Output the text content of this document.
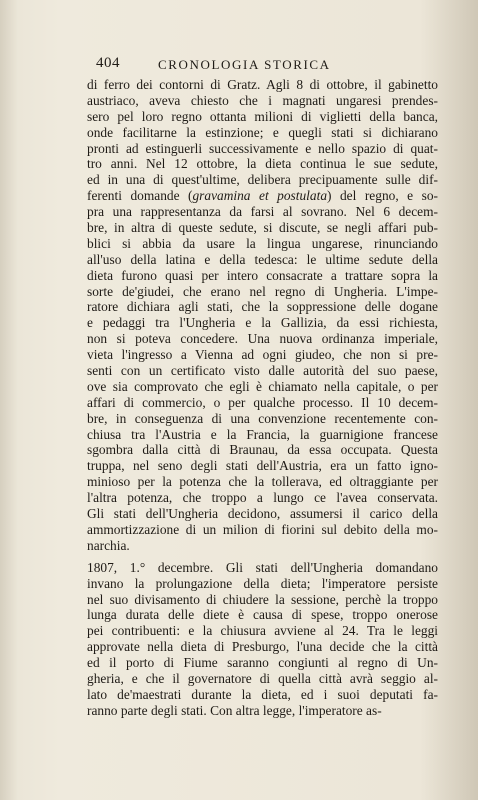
404	CRONOLOGIA STORICA
di ferro dei contorni di Gratz. Agli 8 di ottobre, il gabinetto
austriaco, aveva chiesto che i magnati ungaresi prendes-
sero pel loro regno ottanta milioni di viglietti della banca,
onde facilitarne la estinzione; e quegli stati si dichiarano
pronti ad estinguerli successivamente e nello spazio di quat-
tro anni. Nel 12 ottobre, la dieta continua le sue sedute,
ed in una di quest'ultime, delibera precipuamente sulle dif-
ferenti domande (gravamina et postulata) del regno, e so-
pra una rappresentanza da farsi al sovrano. Nel 6 decem-
bre, in altra di queste sedute, si discute, se negli affari pub-
blici si abbia da usare la lingua ungarese, rinunciando
all'uso della latina e della tedesca: le ultime sedute della
dieta furono quasi per intero consacrate a trattare sopra la
sorte de'giudei, che erano nel regno di Ungheria. L'impe-
ratore dichiara agli stati, che la soppressione delle dogane
e pedaggi tra l'Ungheria e la Gallizia, da essi richiesta,
non si poteva concedere. Una nuova ordinanza imperiale,
vieta l'ingresso a Vienna ad ogni giudeo, che non si pre-
senti con un certificato visto dalle autorità del suo paese,
ove sia comprovato che egli è chiamato nella capitale, o per
affari di commercio, o per qualche processo. Il 10 decem-
bre, in conseguenza di una convenzione recentemente con-
chiusa tra l'Austria e la Francia, la guarnigione francese
sgombra dalla città di Braunau, da essa occupata. Questa
truppa, nel seno degli stati dell'Austria, era un fatto igno-
minioso per la potenza che la tollerava, ed oltraggiante per
l'altra potenza, che troppo a lungo ce l'avea conservata.
Gli stati dell'Ungheria decidono, assumersi il carico della
ammortizzazione di un milion di fiorini sul debito della mo-
narchia.
1807, 1.° decembre. Gli stati dell'Ungheria domandano
invano la prolungazione della dieta; l'imperatore persiste
nel suo divisamento di chiudere la sessione, perchè la troppo
lunga durata delle diete è causa di spese, troppo onerose
pei contribuenti: e la chiusura avviene al 24. Tra le leggi
approvate nella dieta di Presburgo, l'una decide che la città
ed il porto di Fiume saranno congiunti al regno di Un-
gheria, e che il governatore di quella città avrà seggio al-
lato de'maestrati durante la dieta, ed i suoi deputati fa-
ranno parte degli stati. Con altra legge, l'imperatore as-
